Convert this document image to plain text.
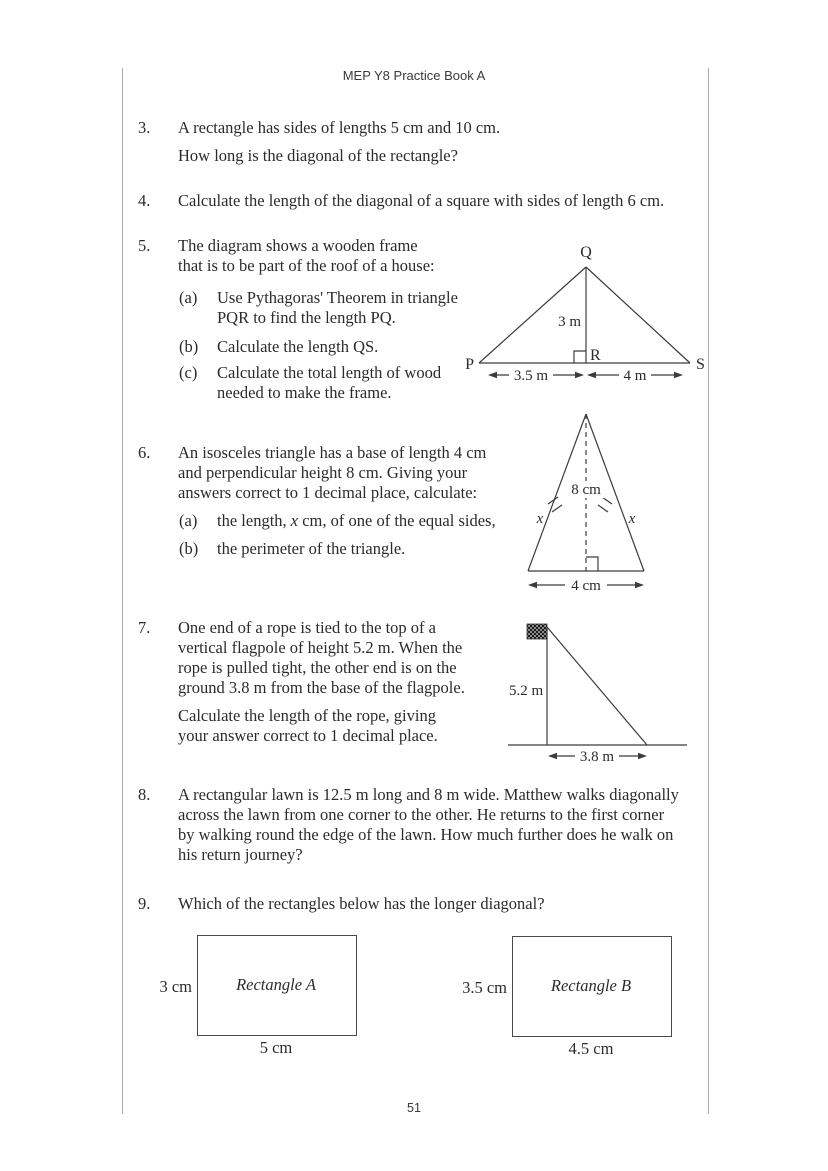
MEP Y8 Practice Book A
3. A rectangle has sides of lengths 5 cm and 10 cm.
How long is the diagonal of the rectangle?
4. Calculate the length of the diagonal of a square with sides of length 6 cm.
5. The diagram shows a wooden frame
that is to be part of the roof of a house:
(a) Use Pythagoras' Theorem in triangle
PQR to find the length PQ.
(b) Calculate the length QS.
(c) Calculate the total length of wood
needed to make the frame.
Q
P
R
S
3 m
3.5 m	4 m
6. An isosceles triangle has a base of length 4 cm
and perpendicular height 8 cm. Giving your
answers correct to 1 decimal place, calculate:
(a) the length, x cm, of one of the equal sides,
(b) the perimeter of the triangle.
8 cm
x	x
4 cm
7. One end of a rope is tied to the top of a
vertical flagpole of height 5.2 m. When the
rope is pulled tight, the other end is on the
ground 3.8 m from the base of the flagpole.
Calculate the length of the rope, giving
your answer correct to 1 decimal place.
5.2 m
3.8 m
8. A rectangular lawn is 12.5 m long and 8 m wide. Matthew walks diagonally
across the lawn from one corner to the other. He returns to the first corner
by walking round the edge of the lawn. How much further does he walk on
his return journey?
9. Which of the rectangles below has the longer diagonal?
3 cm	Rectangle A
5 cm
3.5 cm	Rectangle B
4.5 cm
51
